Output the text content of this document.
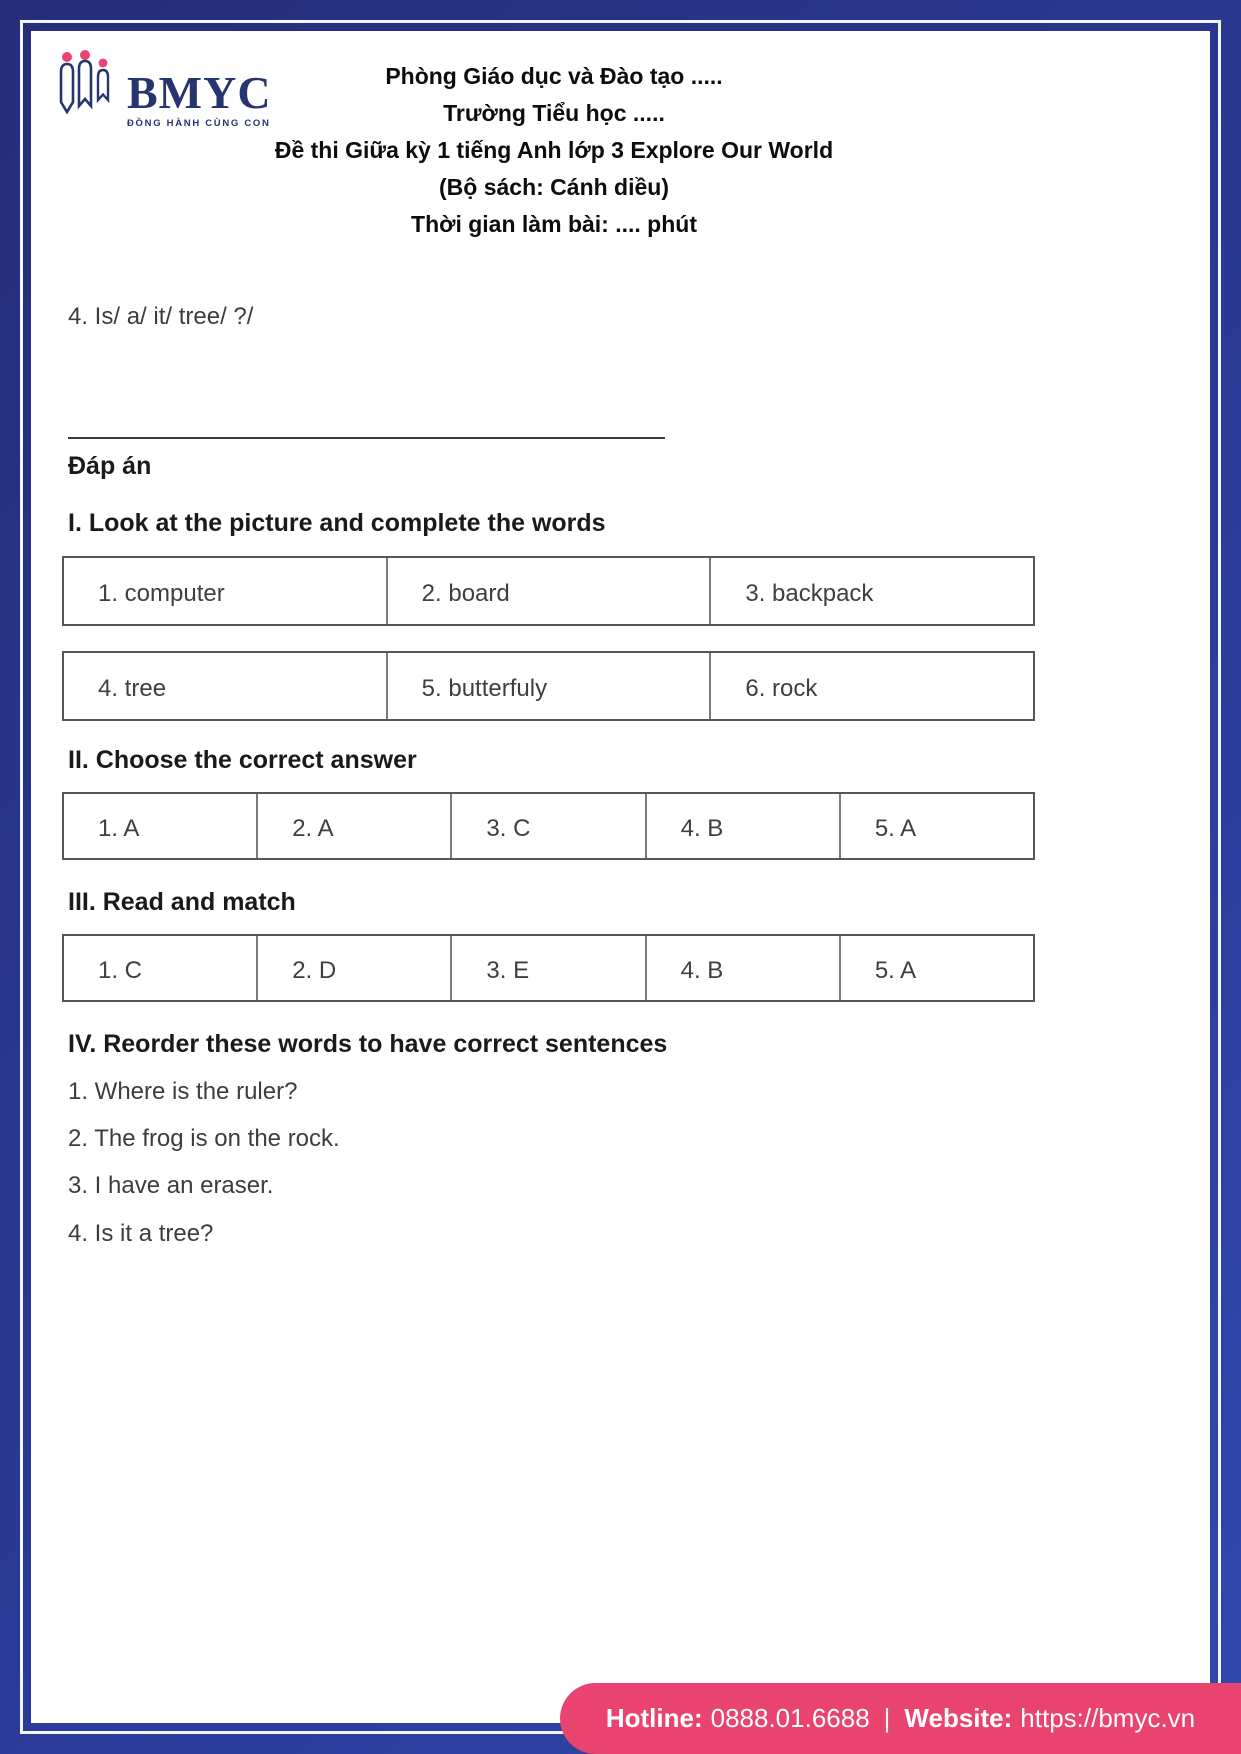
BMYC
ĐỒNG HÀNH CÙNG CON
Phòng Giáo dục và Đào tạo .....
Trường Tiểu học .....
Đề thi Giữa kỳ 1 tiếng Anh lớp 3 Explore Our World
(Bộ sách: Cánh diều)
Thời gian làm bài: .... phút
4. Is/ a/ it/ tree/ ?/
Đáp án
I. Look at the picture and complete the words
1. computer	2. board	3. backpack
4. tree	5. butterfuly	6. rock
II. Choose the correct answer
1. A	2. A	3. C	4. B	5. A
III. Read and match
1. C	2. D	3. E	4. B	5. A
IV. Reorder these words to have correct sentences
1. Where is the ruler?
2. The frog is on the rock.
3. I have an eraser.
4. Is it a tree?
Hotline: 0888.01.6688 | Website: https://bmyc.vn
